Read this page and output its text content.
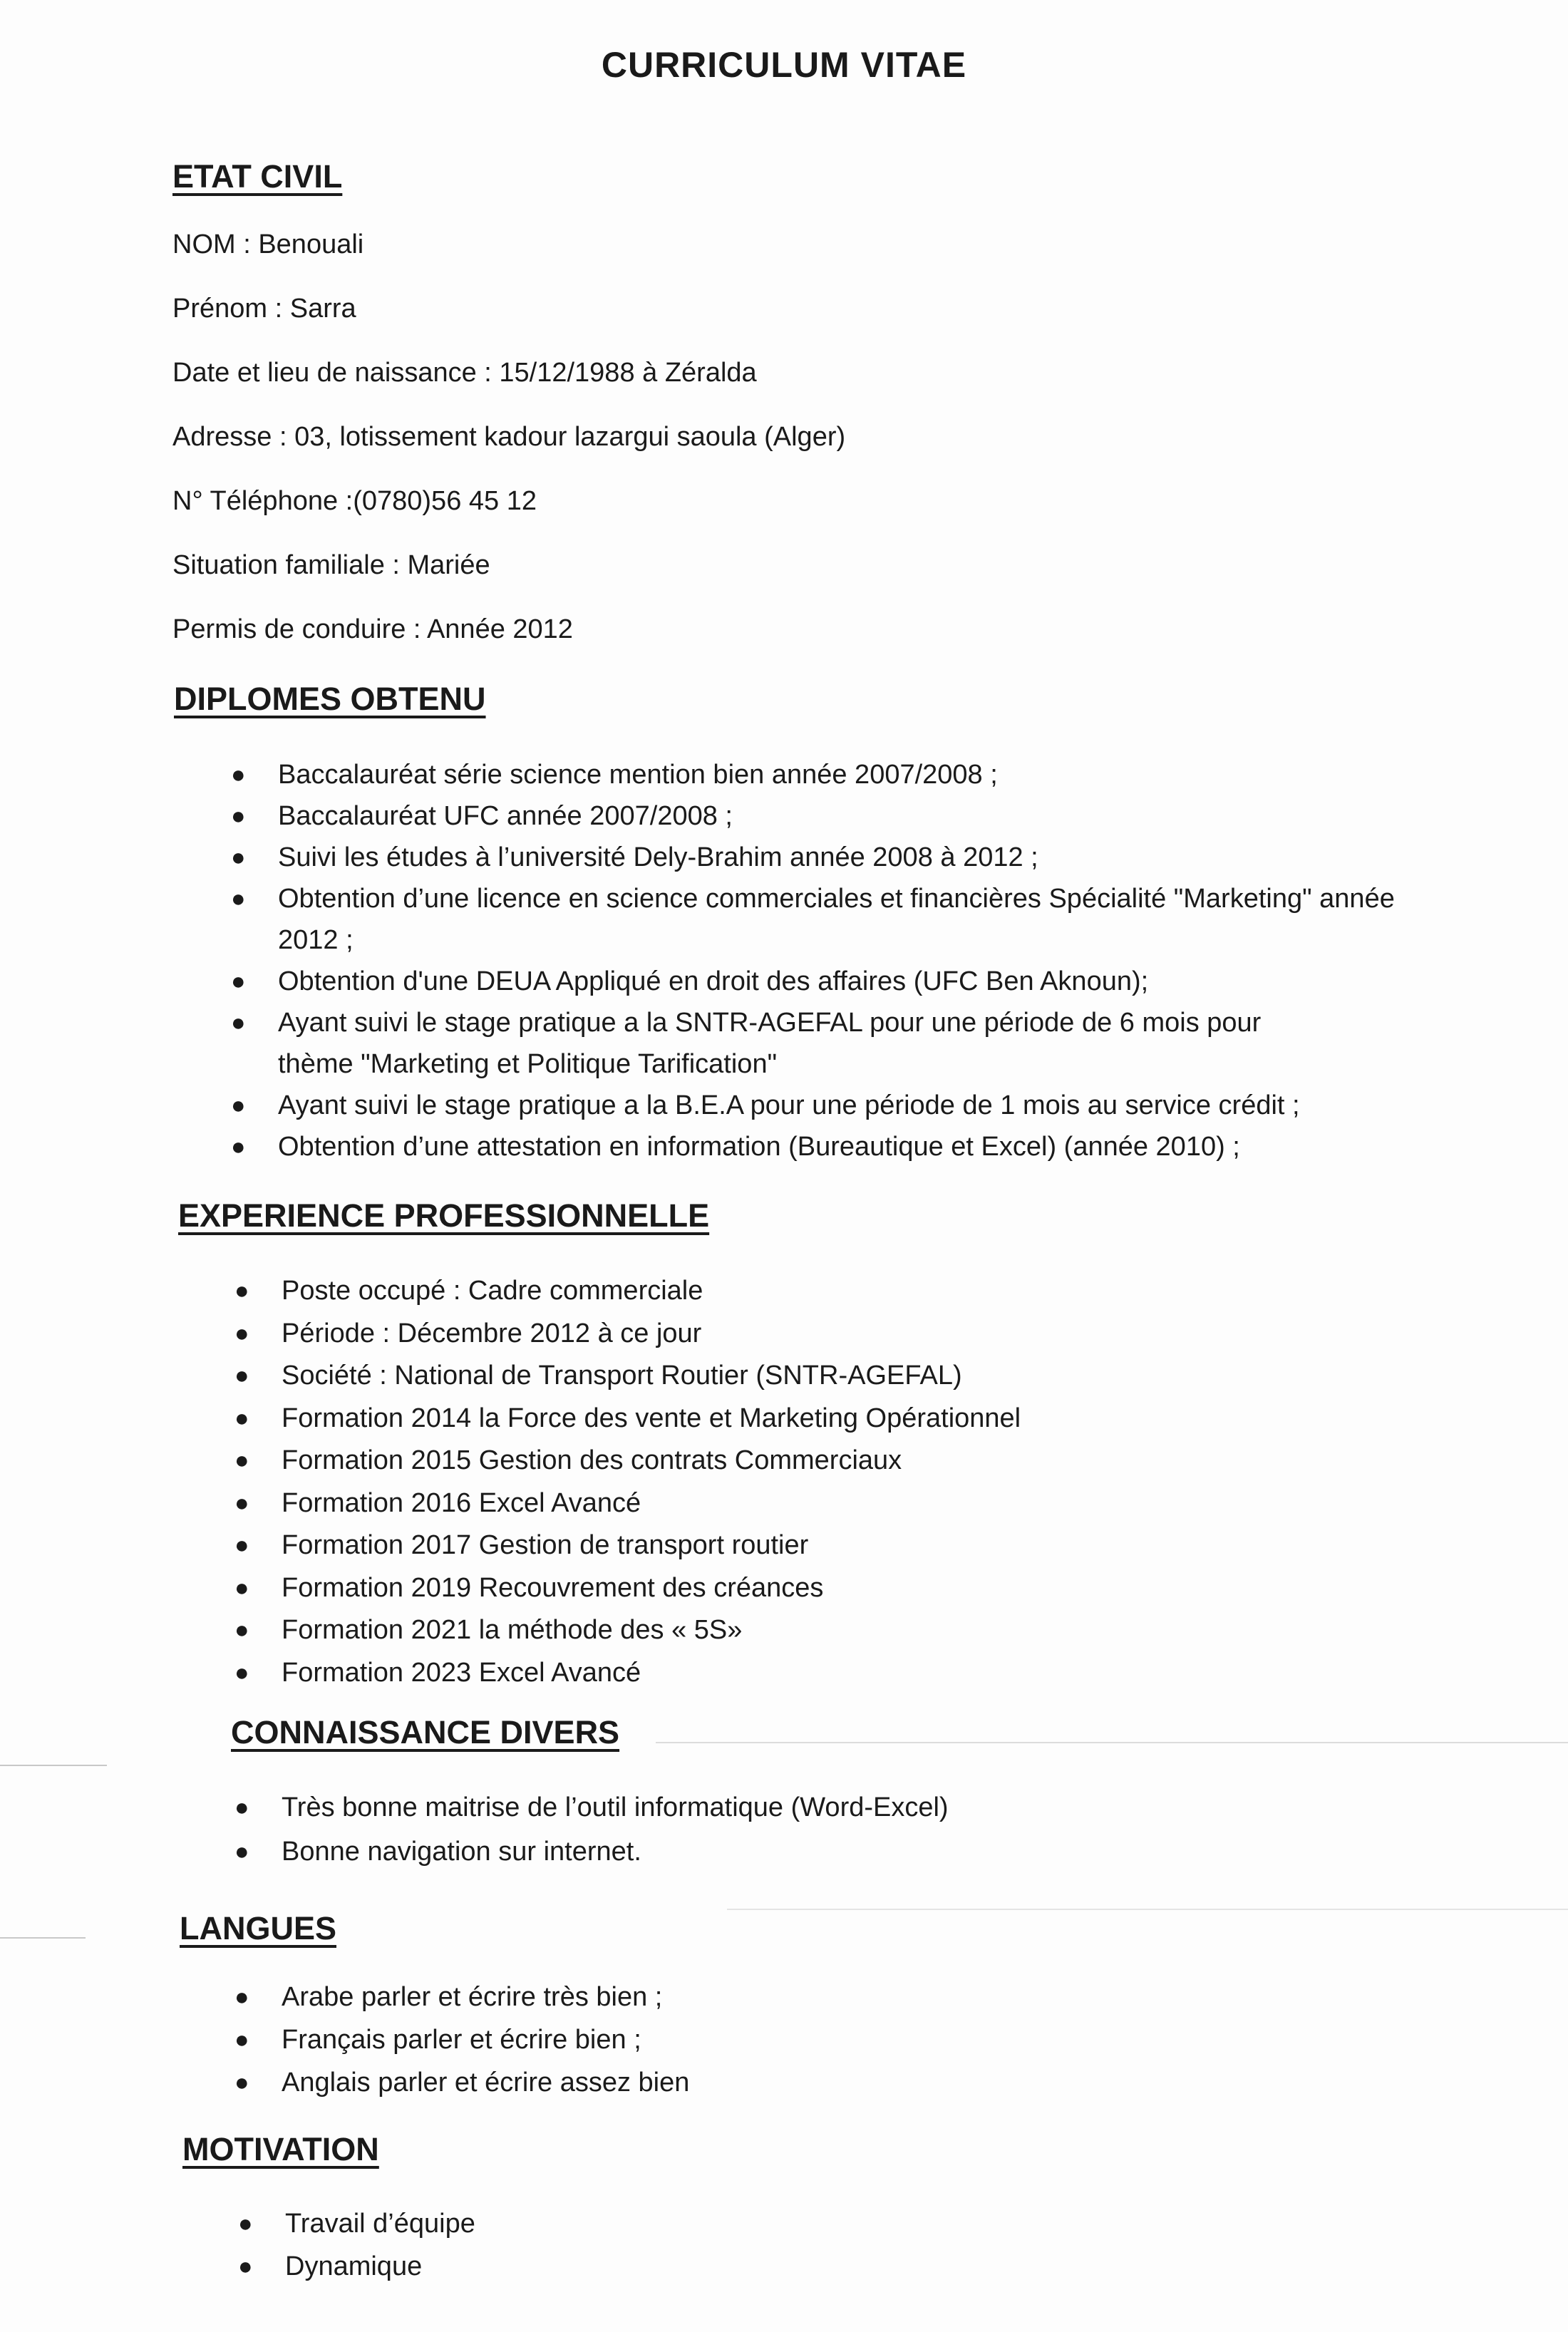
CURRICULUM VITAE
ETAT CIVIL
NOM : Benouali
Prénom : Sarra
Date et lieu de naissance : 15/12/1988 à Zéralda
Adresse : 03, lotissement kadour lazargui saoula (Alger)
N° Téléphone :(0780)56 45 12
Situation familiale : Mariée
Permis de conduire : Année 2012
DIPLOMES OBTENU
● Baccalauréat série science mention bien année 2007/2008 ;
● Baccalauréat UFC année 2007/2008 ;
● Suivi les études à l’université Dely-Brahim année 2008 à 2012 ;
● Obtention d’une licence en science commerciales et financières Spécialité "Marketing" année
2012 ;
● Obtention d'une DEUA Appliqué en droit des affaires (UFC Ben Aknoun);
● Ayant suivi le stage pratique a la SNTR-AGEFAL pour une période de 6 mois pour
thème "Marketing et Politique Tarification"
● Ayant suivi le stage pratique a la B.E.A pour une période de 1 mois au service crédit ;
● Obtention d’une attestation en information (Bureautique et Excel) (année 2010) ;
EXPERIENCE PROFESSIONNELLE
● Poste occupé : Cadre commerciale
● Période : Décembre 2012 à ce jour
● Société : National de Transport Routier (SNTR-AGEFAL)
● Formation 2014 la Force des vente et Marketing Opérationnel
● Formation 2015 Gestion des contrats Commerciaux
● Formation 2016 Excel Avancé
● Formation 2017 Gestion de transport routier
● Formation 2019 Recouvrement des créances
● Formation 2021 la méthode des « 5S»
● Formation 2023 Excel Avancé
CONNAISSANCE DIVERS
● Très bonne maitrise de l’outil informatique (Word-Excel)
● Bonne navigation sur internet.
LANGUES
● Arabe parler et écrire très bien ;
● Français parler et écrire bien ;
● Anglais parler et écrire assez bien
MOTIVATION
● Travail d’équipe
● Dynamique
